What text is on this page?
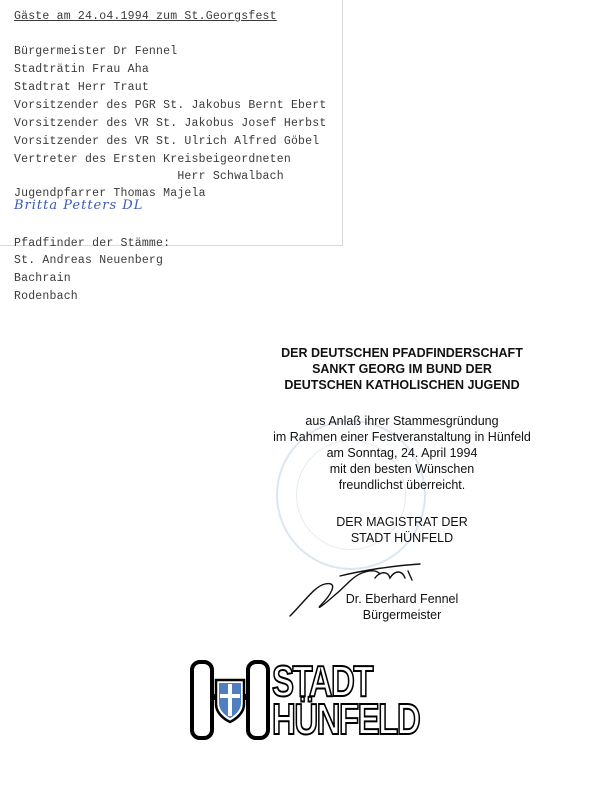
Gäste am 24.o4.1994 zum St.Georgsfest
Bürgermeister Dr Fennel
Stadträtin Frau Aha
Stadtrat Herr Traut
Vorsitzender des PGR St. Jakobus Bernt Ebert
Vorsitzender des VR St. Jakobus Josef Herbst
Vorsitzender des VR St. Ulrich Alfred Göbel
Vertreter des Ersten Kreisbeigeordneten
Herr Schwalbach
Jugendpfarrer Thomas Majela
Britta Petters DL
Pfadfinder der Stämme:
St. Andreas Neuenberg
Bachrain
Rodenbach
DER DEUTSCHEN PFADFINDERSCHAFT
SANKT GEORG IM BUND DER
DEUTSCHEN KATHOLISCHEN JUGEND
aus Anlaß ihrer Stammesgründung
im Rahmen einer Festveranstaltung in Hünfeld
am Sonntag, 24. April 1994
mit den besten Wünschen
freundlichst überreicht.
DER MAGISTRAT DER
STADT HÜNFELD
Dr. Eberhard Fennel
Bürgermeister
STADT
HÜNFELD
